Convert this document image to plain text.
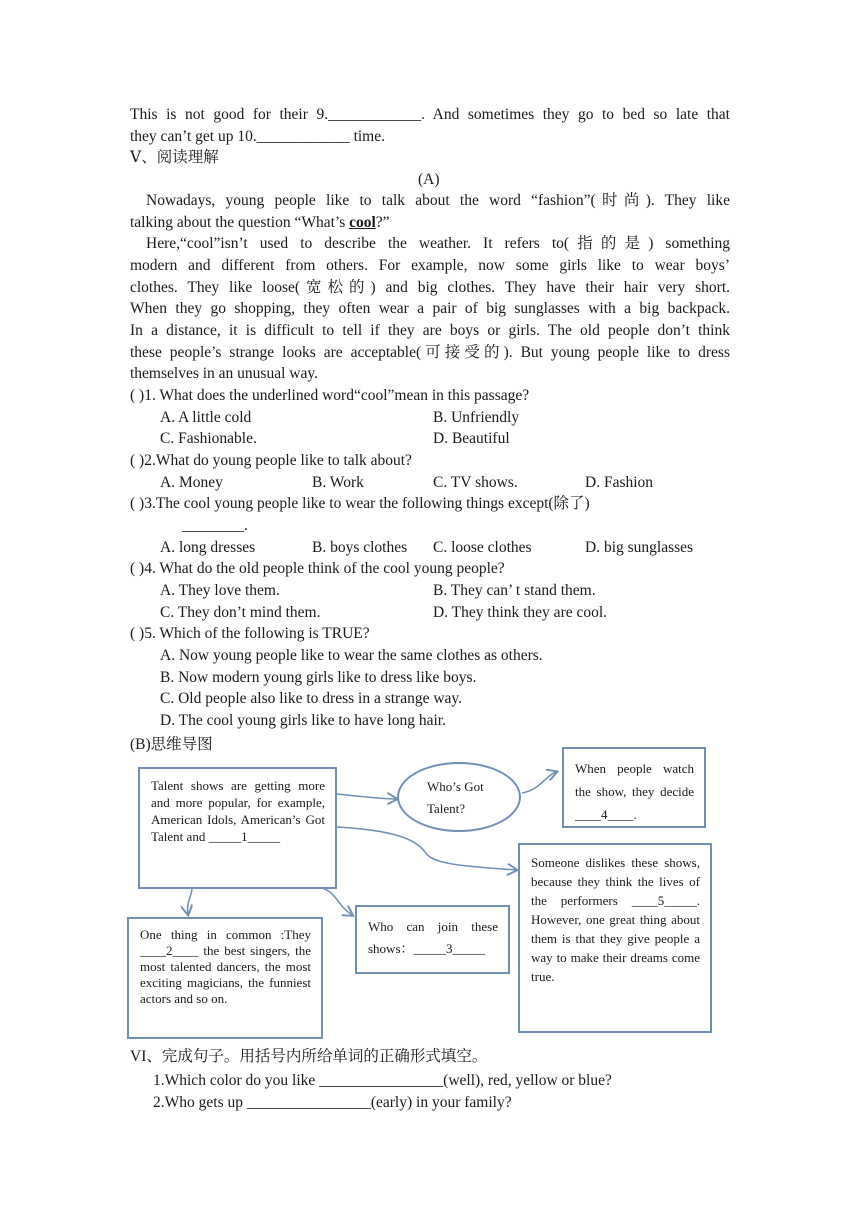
This is not good for their 9.____________. And sometimes they go to bed so late that
they can’t get up 10.____________ time.
Ⅴ、阅读理解
(A)
Nowadays, young people like to talk about the word “fashion”(时尚). They like
talking about the question “What’s cool?”
Here,“cool”isn’t used to describe the weather. It refers to(指的是) something
modern and different from others. For example, now some girls like to wear boys’
clothes. They like loose(宽松的) and big clothes. They have their hair very short.
When they go shopping, they often wear a pair of big sunglasses with a big backpack.
In a distance, it is difficult to tell if they are boys or girls. The old people don’t think
these people’s strange looks are acceptable(可接受的). But young people like to dress
themselves in an unusual way.
( )1. What does the underlined word“cool”mean in this passage?
A. A little cold	B. Unfriendly
C. Fashionable.	D. Beautiful
( )2.What do young people like to talk about?
A. Money	B. Work	C. TV shows.	D. Fashion
( )3.The cool young people like to wear the following things except(除了)
________.
A. long dresses	B. boys clothes C. loose clothes	D. big sunglasses
( )4. What do the old people think of the cool young people?
A. They love them.	B. They can’ t stand them.
C. They don’t mind them.	D. They think they are cool.
( )5. Which of the following is TRUE?
A. Now young people like to wear the same clothes as others.
B. Now modern young girls like to dress like boys.
C. Old people also like to dress in a strange way.
D. The cool young girls like to have long hair.
(B)思维导图
Talent shows are getting more and more popular, for example, American Idols, American’s Got Talent and _____1_____
Who’s Got Talent?
When people watch the show, they decide ____4____.
Someone dislikes these shows, because they think the lives of the performers ____5_____. However, one great thing about them is that they give people a way to make their dreams come true.
Who can join these shows：_____3_____
One thing in common :They ____2____ the best singers, the most talented dancers, the most exciting magicians, the funniest actors and so on.
VI、完成句子。用括号内所给单词的正确形式填空。
1.Which color do you like ________________(well), red, yellow or blue?
2.Who gets up ________________(early) in your family?
